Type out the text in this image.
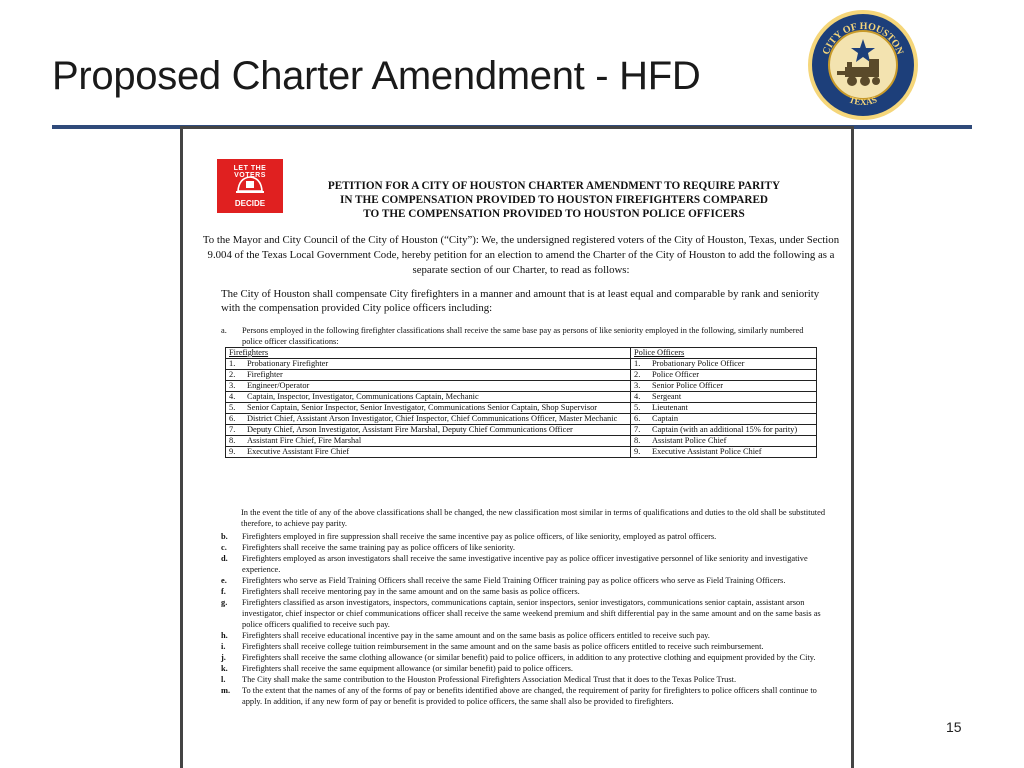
Proposed Charter Amendment - HFD
CITY OF HOUSTON
TEXAS
LET THE VOTERS
DECIDE
PETITION FOR A CITY OF HOUSTON CHARTER AMENDMENT TO REQUIRE PARITY
IN THE COMPENSATION PROVIDED TO HOUSTON FIREFIGHTERS COMPARED
TO THE COMPENSATION PROVIDED TO HOUSTON POLICE OFFICERS
To the Mayor and City Council of the City of Houston (“City”): We, the undersigned registered voters of the City of Houston, Texas, under Section 9.004 of the Texas Local Government Code, hereby petition for an election to amend the Charter of the City of Houston to add the following as a separate section of our Charter, to read as follows:
The City of Houston shall compensate City firefighters in a manner and amount that is at least equal and comparable by rank and seniority with the compensation provided City police officers including:
a. Persons employed in the following firefighter classifications shall receive the same base pay as persons of like seniority employed in the following, similarly numbered police officer classifications:
Firefighters		Police Officers	
1.	Probationary Firefighter	1.	Probationary Police Officer
2.	Firefighter	2.	Police Officer
3.	Engineer/Operator	3.	Senior Police Officer
4.	Captain, Inspector, Investigator, Communications Captain, Mechanic	4.	Sergeant
5.	Senior Captain, Senior Inspector, Senior Investigator, Communications Senior Captain, Shop Supervisor	5.	Lieutenant
6.	District Chief, Assistant Arson Investigator, Chief Inspector, Chief Communications Officer, Master Mechanic	6.	Captain
7.	Deputy Chief, Arson Investigator, Assistant Fire Marshal, Deputy Chief Communications Officer	7.	Captain (with an additional 15% for parity)
8.	Assistant Fire Chief, Fire Marshal	8.	Assistant Police Chief
9.	Executive Assistant Fire Chief	9.	Executive Assistant Police Chief
In the event the title of any of the above classifications shall be changed, the new classification most similar in terms of qualifications and duties to the old shall be substituted therefore, to achieve pay parity.
b. Firefighters employed in fire suppression shall receive the same incentive pay as police officers, of like seniority, employed as patrol officers.
c. Firefighters shall receive the same training pay as police officers of like seniority.
d. Firefighters employed as arson investigators shall receive the same investigative incentive pay as police officer investigative personnel of like seniority and investigative experience.
e. Firefighters who serve as Field Training Officers shall receive the same Field Training Officer training pay as police officers who serve as Field Training Officers.
f. Firefighters shall receive mentoring pay in the same amount and on the same basis as police officers.
g. Firefighters classified as arson investigators, inspectors, communications captain, senior inspectors, senior investigators, communications senior captain, assistant arson investigator, chief inspector or chief communications officer shall receive the same weekend premium and shift differential pay in the same amount and on the same basis as police officers qualified to receive such pay.
h. Firefighters shall receive educational incentive pay in the same amount and on the same basis as police officers entitled to receive such pay.
i. Firefighters shall receive college tuition reimbursement in the same amount and on the same basis as police officers entitled to receive such reimbursement.
j. Firefighters shall receive the same clothing allowance (or similar benefit) paid to police officers, in addition to any protective clothing and equipment provided by the City.
k. Firefighters shall receive the same equipment allowance (or similar benefit) paid to police officers.
l. The City shall make the same contribution to the Houston Professional Firefighters Association Medical Trust that it does to the Texas Police Trust.
m. To the extent that the names of any of the forms of pay or benefits identified above are changed, the requirement of parity for firefighters to police officers shall continue to apply. In addition, if any new form of pay or benefit is provided to police officers, the same shall also be provided to firefighters.
15
